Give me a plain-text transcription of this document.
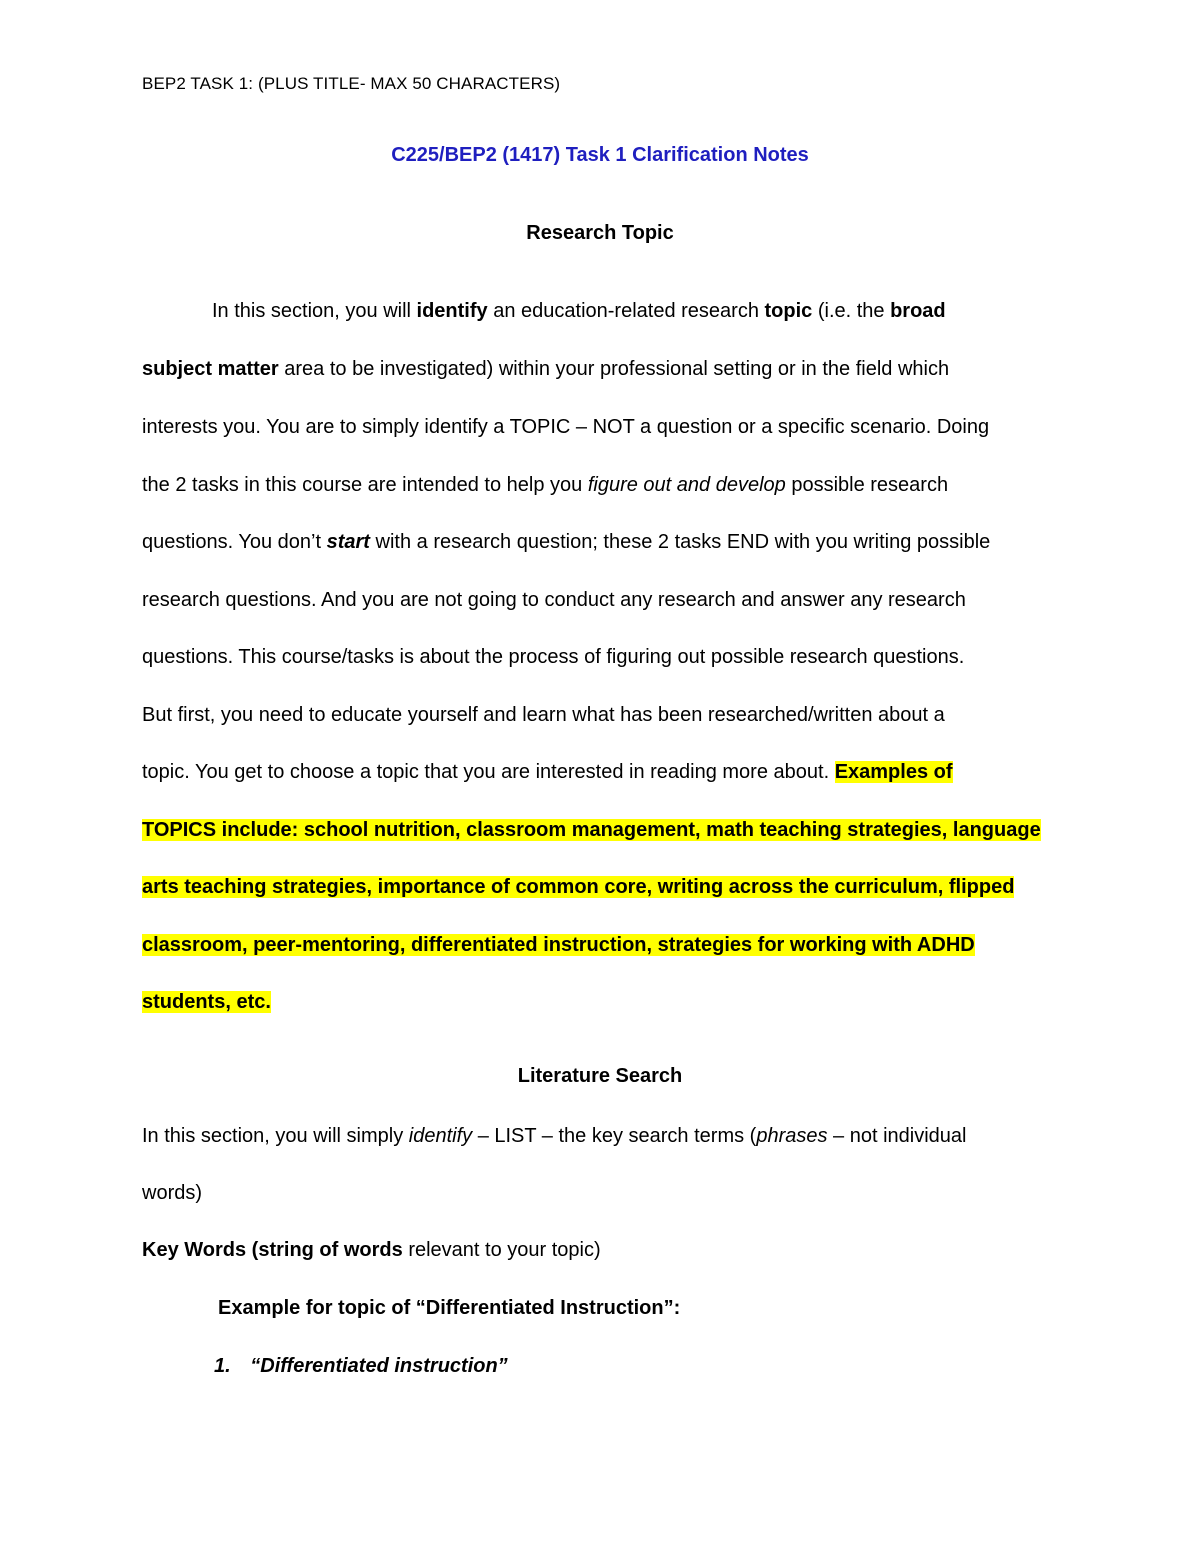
BEP2 TASK 1: (PLUS TITLE- MAX 50 CHARACTERS)
C225/BEP2 (1417) Task 1 Clarification Notes
Research Topic
In this section, you will identify an education-related research topic (i.e. the broad
subject matter area to be investigated) within your professional setting or in the field which
interests you. You are to simply identify a TOPIC – NOT a question or a specific scenario. Doing
the 2 tasks in this course are intended to help you figure out and develop possible research
questions. You don’t start with a research question; these 2 tasks END with you writing possible
research questions. And you are not going to conduct any research and answer any research
questions. This course/tasks is about the process of figuring out possible research questions.
But first, you need to educate yourself and learn what has been researched/written about a
topic. You get to choose a topic that you are interested in reading more about. Examples of
TOPICS include: school nutrition, classroom management, math teaching strategies, language
arts teaching strategies, importance of common core, writing across the curriculum, flipped
classroom, peer-mentoring, differentiated instruction, strategies for working with ADHD
students, etc.
Literature Search
In this section, you will simply identify – LIST – the key search terms (phrases – not individual
words)
Key Words (string of words relevant to your topic)
Example for topic of “Differentiated Instruction”:
1. “Differentiated instruction”
